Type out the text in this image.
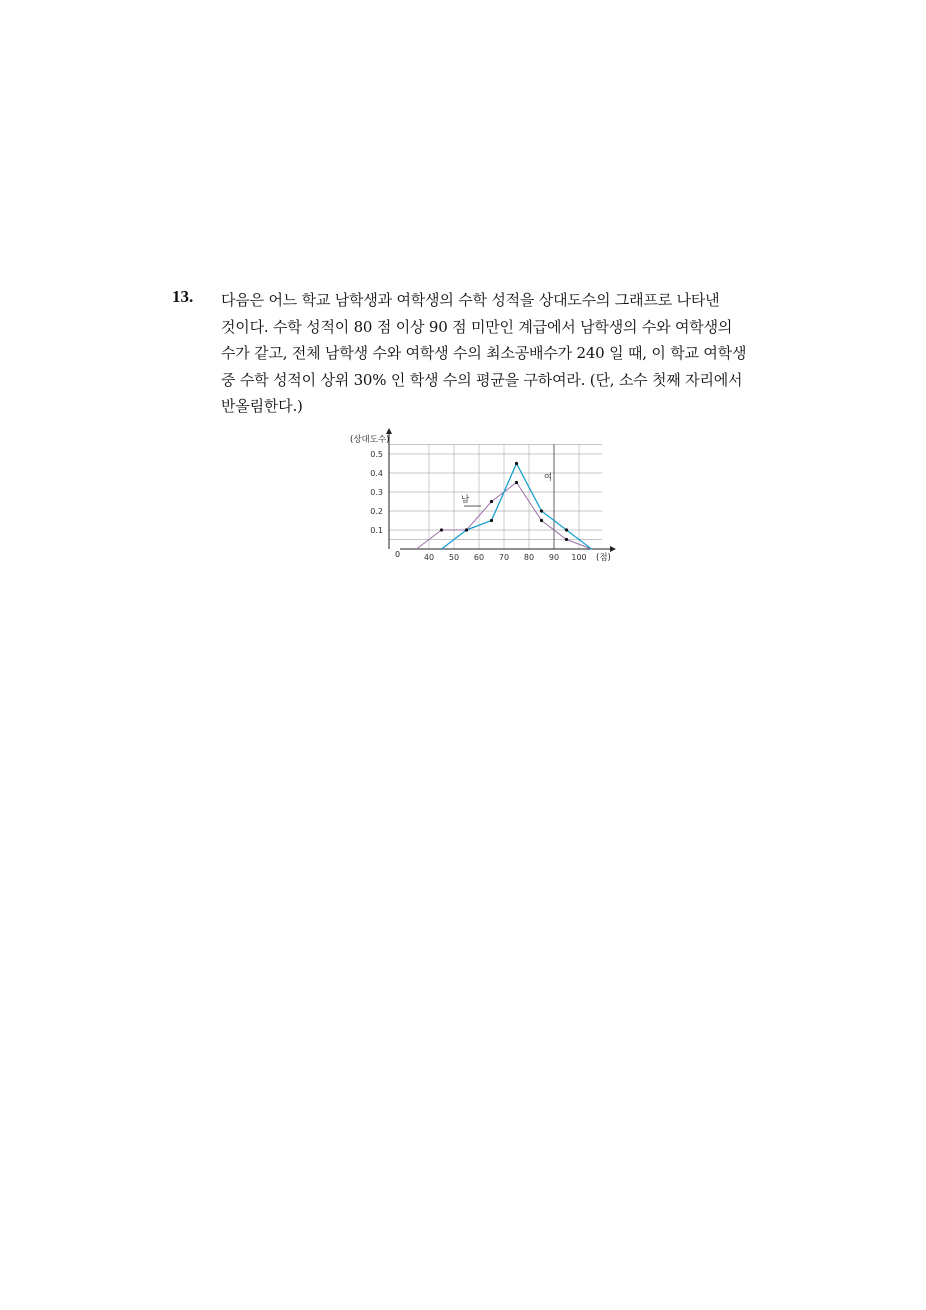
13. 다음은 어느 학교 남학생과 여학생의 수학 성적을 상대도수의 그래프로 나타낸
것이다. 수학 성적이 80 점 이상 90 점 미만인 계급에서 남학생의 수와 여학생의
수가 같고, 전체 남학생 수와 여학생 수의 최소공배수가 240 일 때, 이 학교 여학생
중 수학 성적이 상위 30% 인 학생 수의 평균을 구하여라. (단, 소수 첫째 자리에서
반올림한다.)
(상대도수)
(점)
0
남
여
0.1
0.2
0.3
0.4
0.5
40 50 60 70 80 90 100
